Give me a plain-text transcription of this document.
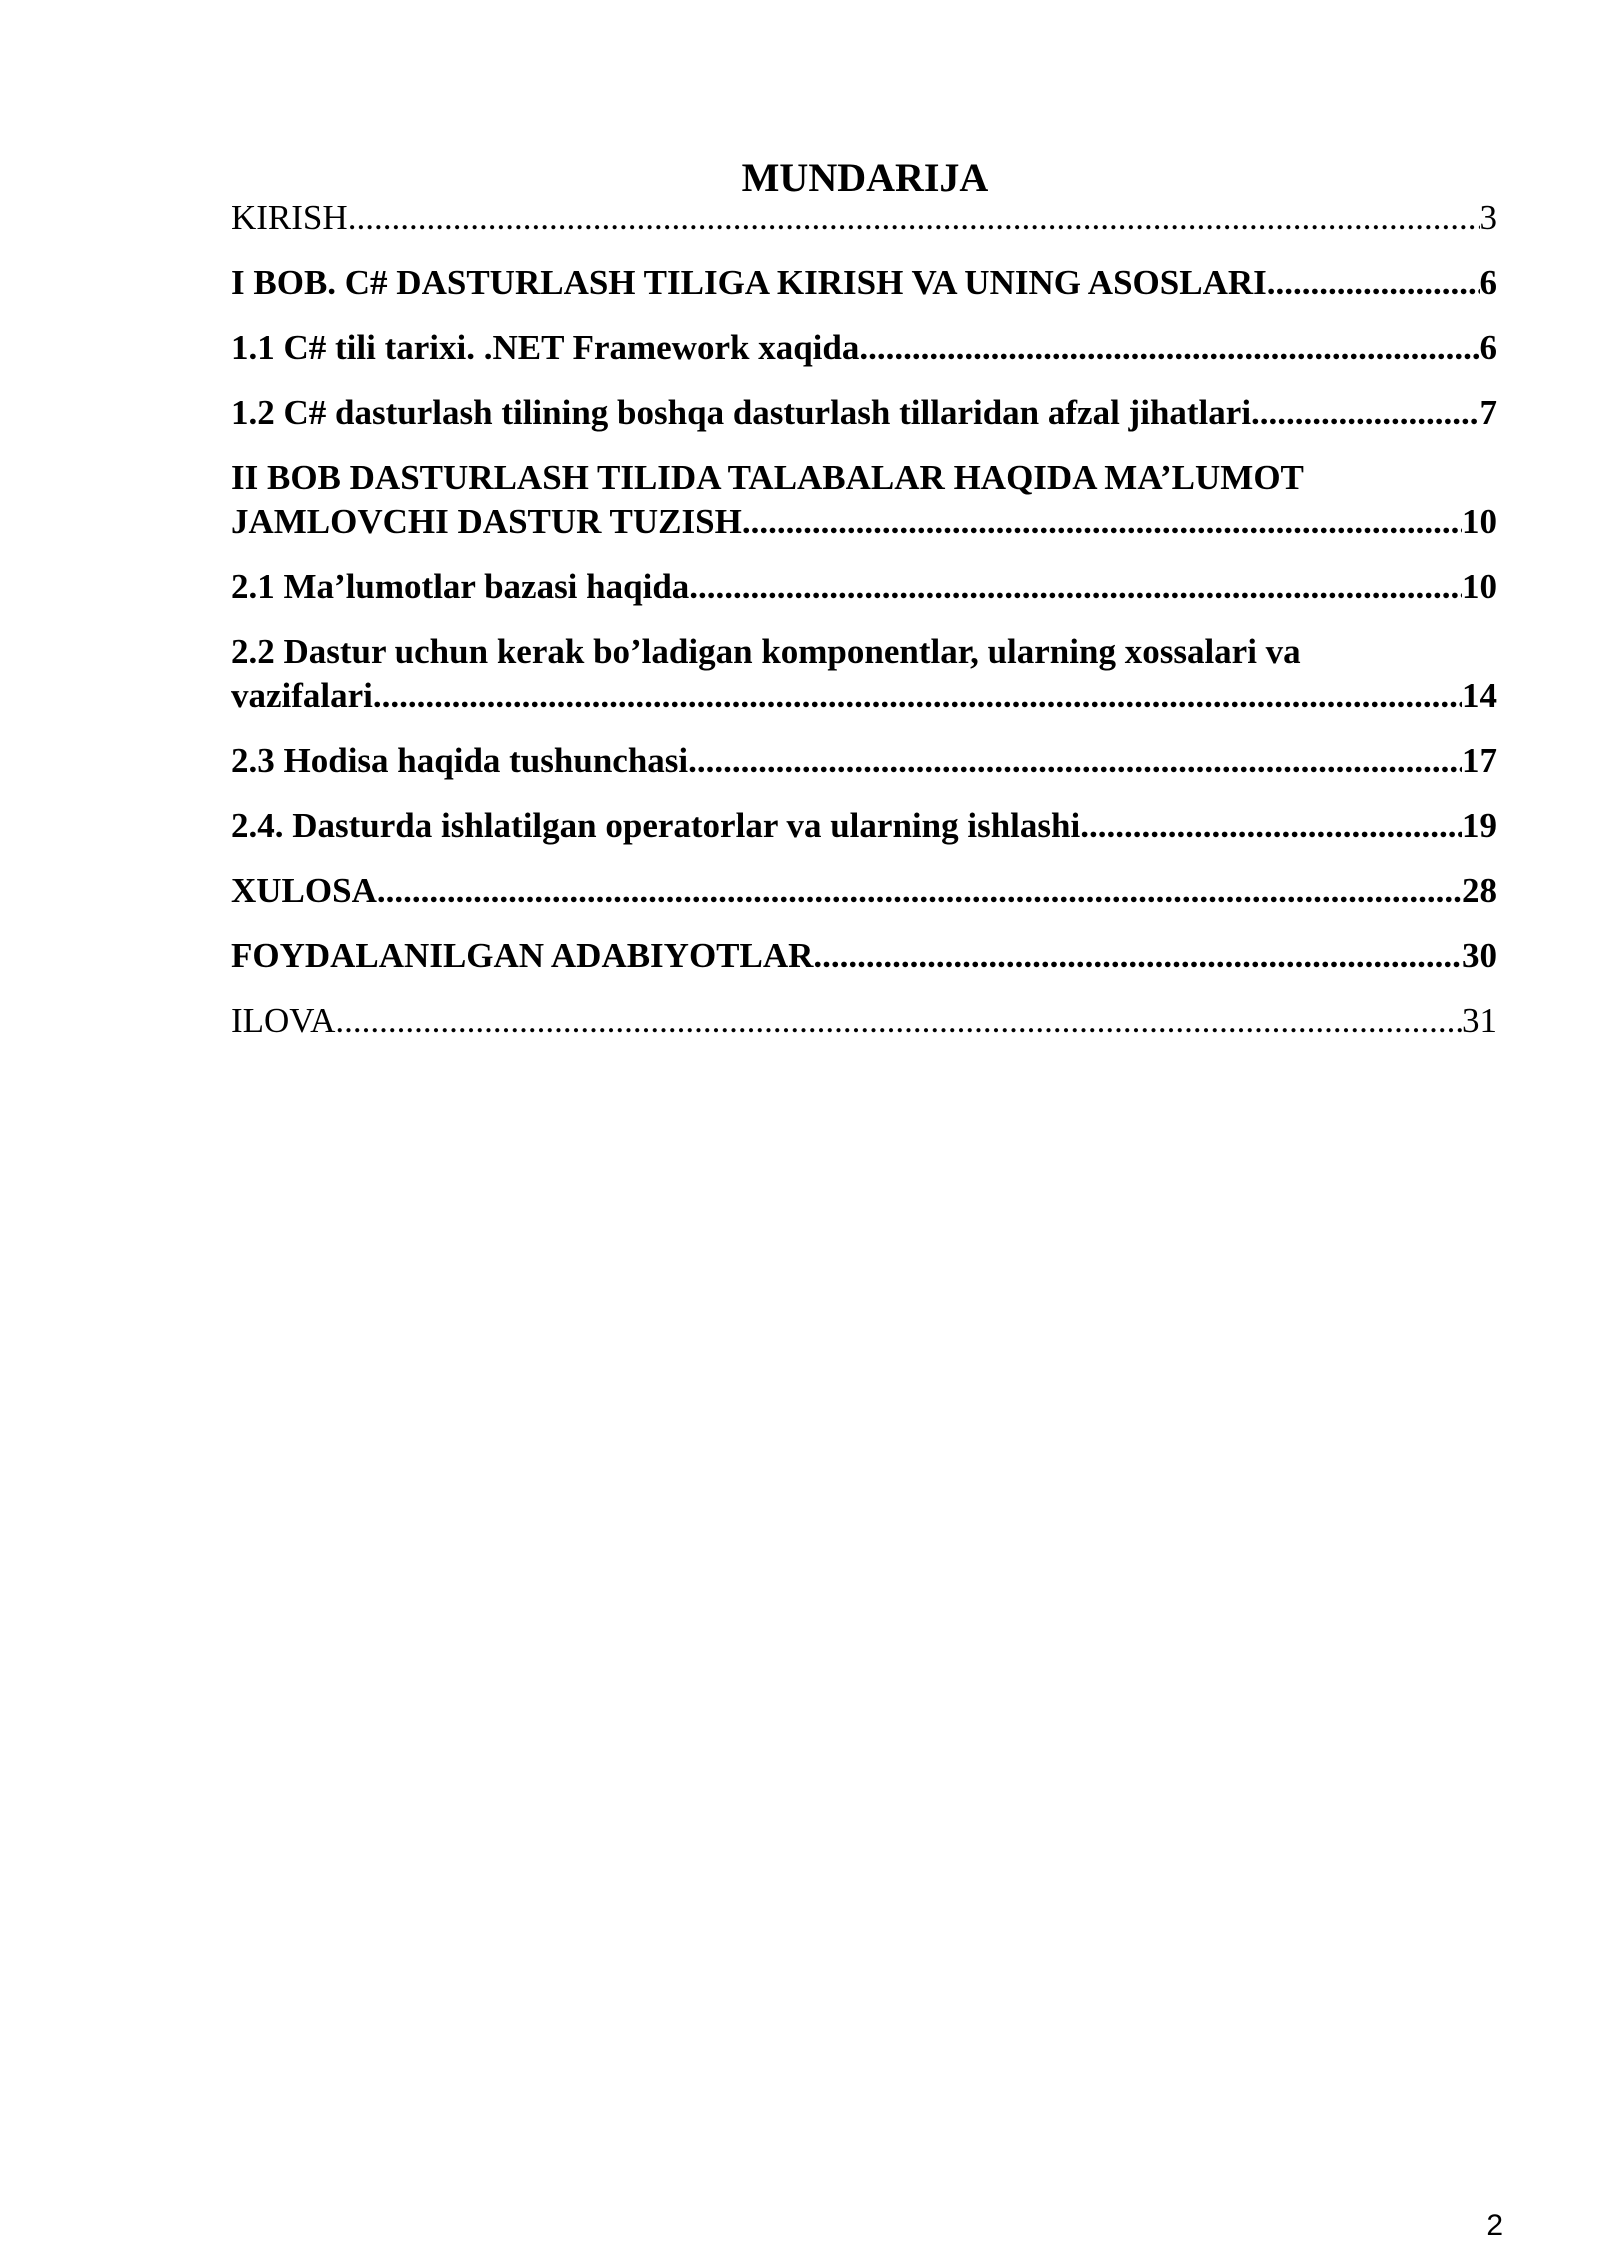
MUNDARIJA
KIRISH .....	3
I BOB. C# DASTURLASH TILIGA KIRISH VA UNING ASOSLARI .....	6
1.1 C# tili tarixi. .NET Framework xaqida .....	6
1.2 C# dasturlash tilining boshqa dasturlash tillaridan afzal jihatlari .....	7
II BOB DASTURLASH TILIDA TALABALAR HAQIDA MA’LUMOT
JAMLOVCHI DASTUR TUZISH .....	10
2.1 Ma’lumotlar bazasi haqida .....	10
2.2 Dastur uchun kerak bo’ladigan komponentlar, ularning xossalari va
vazifalari .....	14
2.3 Hodisa haqida tushunchasi .....	17
2.4. Dasturda ishlatilgan operatorlar va ularning ishlashi .....	19
XULOSA .....	28
FOYDALANILGAN ADABIYOTLAR .....	30
ILOVA .....	31
2
